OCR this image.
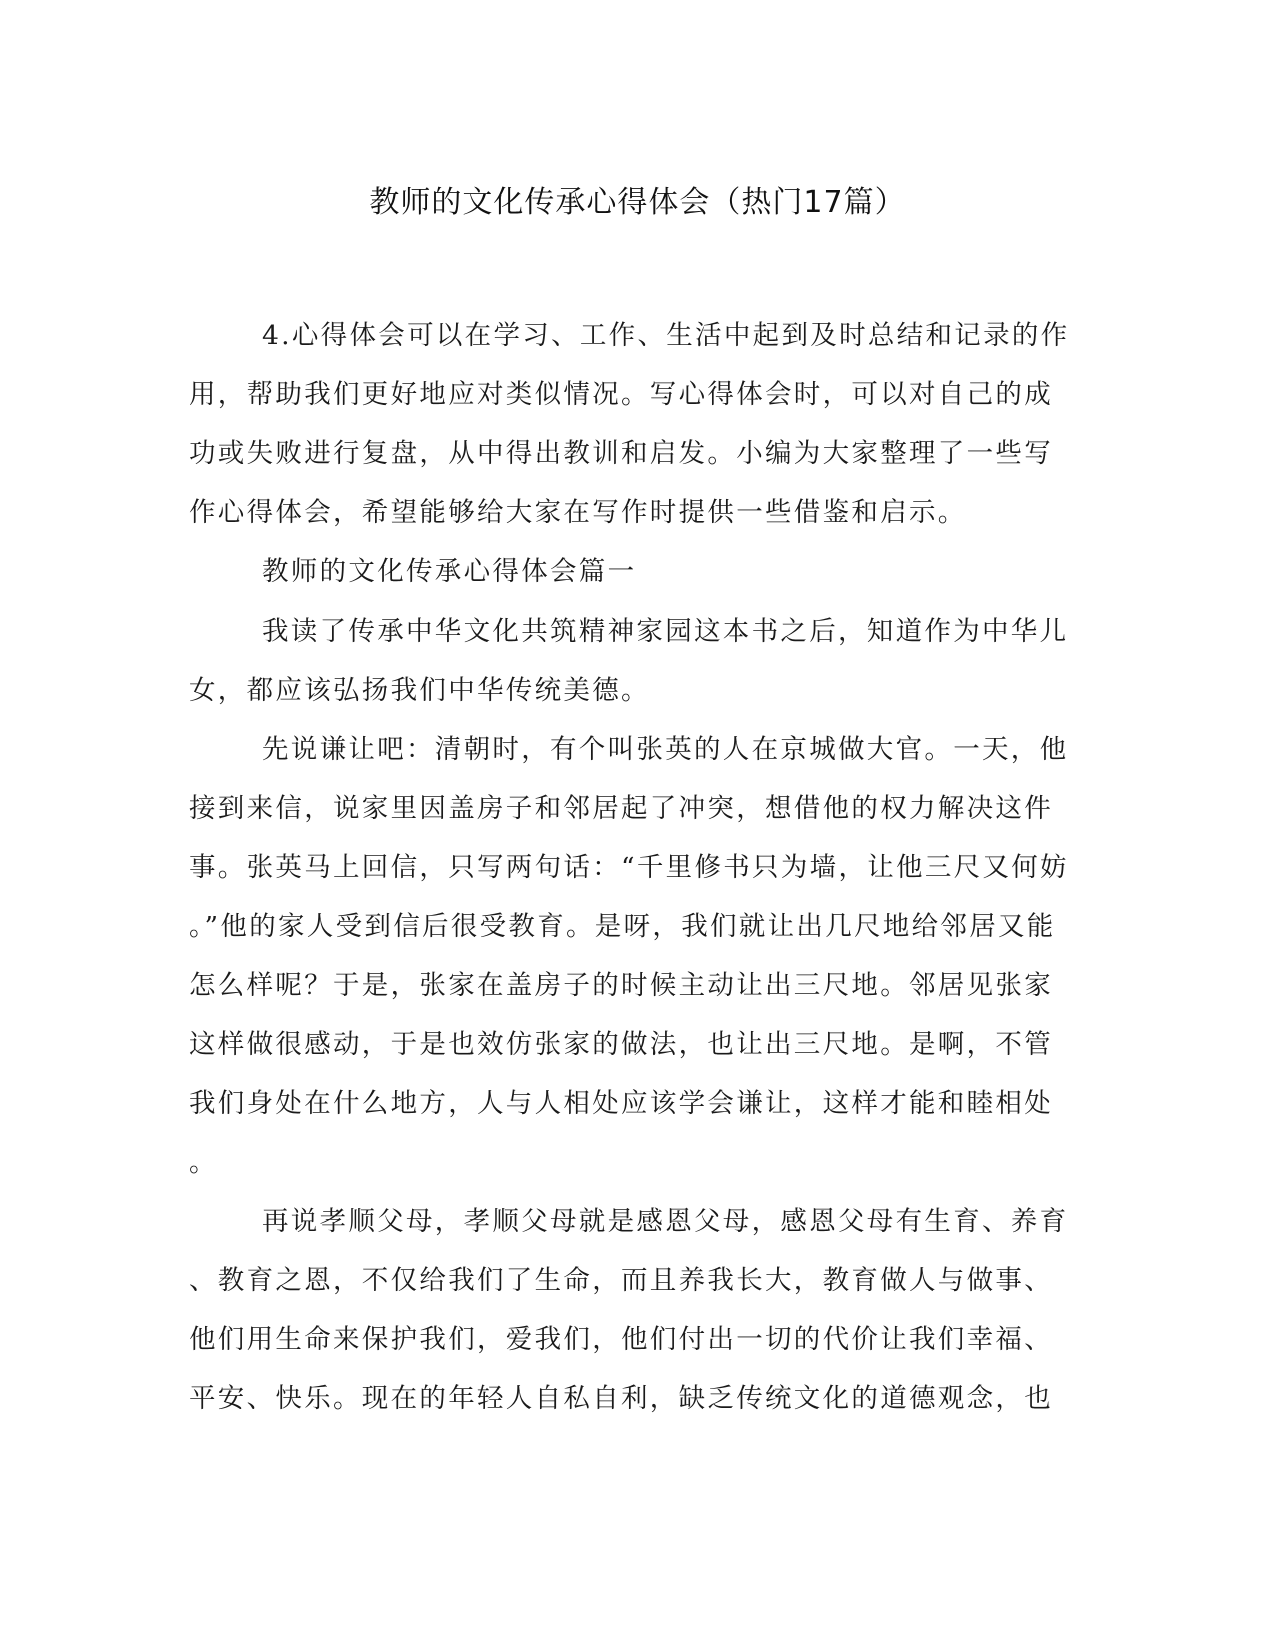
教师的文化传承心得体会（热门17篇）
4.心得体会可以在学习、工作、生活中起到及时总结和记录的作
用，帮助我们更好地应对类似情况。写心得体会时，可以对自己的成
功或失败进行复盘，从中得出教训和启发。小编为大家整理了一些写
作心得体会，希望能够给大家在写作时提供一些借鉴和启示。
教师的文化传承心得体会篇一
我读了传承中华文化共筑精神家园这本书之后，知道作为中华儿
女，都应该弘扬我们中华传统美德。
先说谦让吧：清朝时，有个叫张英的人在京城做大官。一天，他
接到来信，说家里因盖房子和邻居起了冲突，想借他的权力解决这件
事。张英马上回信，只写两句话：“千里修书只为墙，让他三尺又何妨
。”他的家人受到信后很受教育。是呀，我们就让出几尺地给邻居又能
怎么样呢？于是，张家在盖房子的时候主动让出三尺地。邻居见张家
这样做很感动，于是也效仿张家的做法，也让出三尺地。是啊，不管
我们身处在什么地方，人与人相处应该学会谦让，这样才能和睦相处
。
再说孝顺父母，孝顺父母就是感恩父母，感恩父母有生育、养育
、教育之恩，不仅给我们了生命，而且养我长大，教育做人与做事、
他们用生命来保护我们，爱我们，他们付出一切的代价让我们幸福、
平安、快乐。现在的年轻人自私自利，缺乏传统文化的道德观念，也
